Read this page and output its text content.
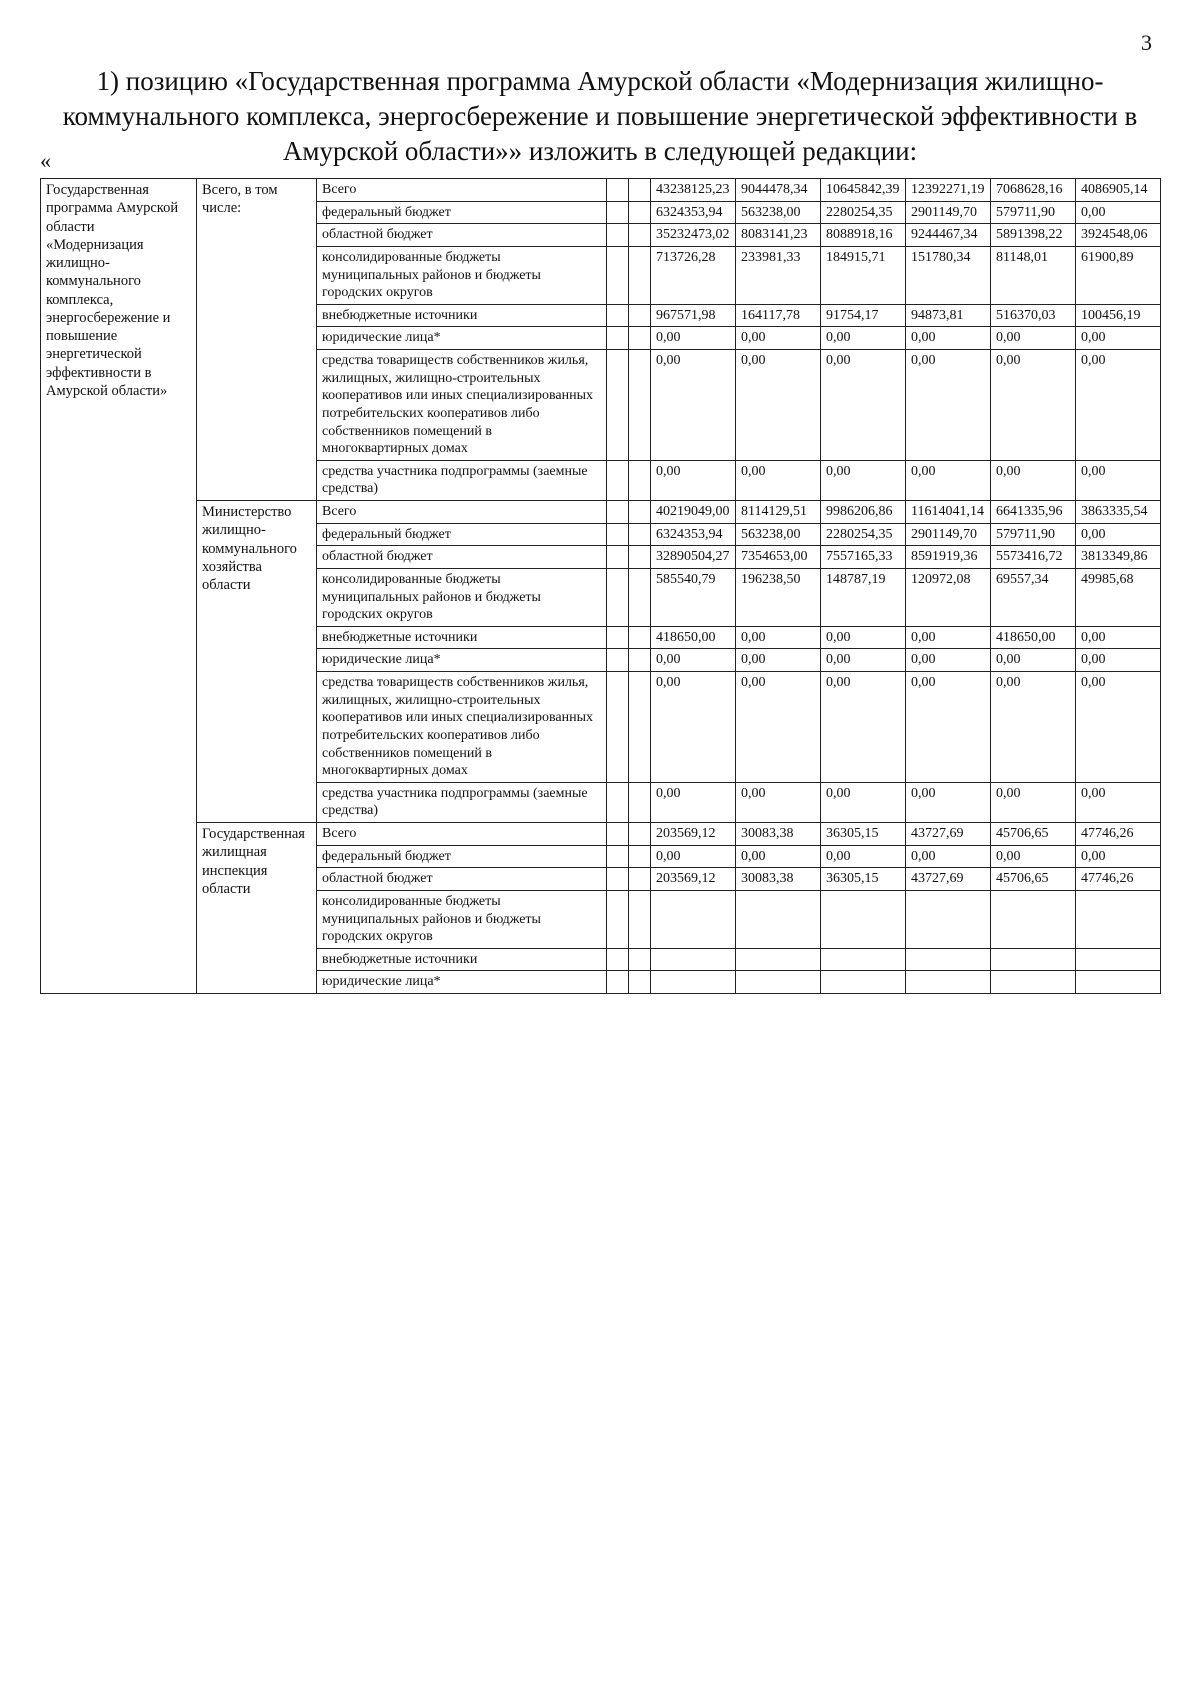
3
1) позицию «Государственная программа Амурской области «Модернизация жилищно-коммунального комплекса, энергосбережение и повышение энергетической эффективности в Амурской области»» изложить в следующей редакции:
«
Государственная программа Амурской области «Модернизация жилищно-коммунального комплекса, энергосбережение и повышение энергетической эффективности в Амурской области»	Всего, в том числе:	Всего			43238125,23	9044478,34	10645842,39	12392271,19	7068628,16	4086905,14
		федеральный бюджет			6324353,94	563238,00	2280254,35	2901149,70	579711,90	0,00
		областной бюджет			35232473,02	8083141,23	8088918,16	9244467,34	5891398,22	3924548,06
		консолидированные бюджеты муниципальных районов и бюджеты городских округов			713726,28	233981,33	184915,71	151780,34	81148,01	61900,89
		внебюджетные источники			967571,98	164117,78	91754,17	94873,81	516370,03	100456,19
		юридические лица*			0,00	0,00	0,00	0,00	0,00	0,00
		средства товариществ собственников жилья, жилищных, жилищно-строительных кооперативов или иных специализированных потребительских кооперативов либо собственников помещений в многоквартирных домах			0,00	0,00	0,00	0,00	0,00	0,00
		средства участника подпрограммы (заемные средства)			0,00	0,00	0,00	0,00	0,00	0,00
	Министерство жилищно-коммунального хозяйства области	Всего			40219049,00	8114129,51	9986206,86	11614041,14	6641335,96	3863335,54
		федеральный бюджет			6324353,94	563238,00	2280254,35	2901149,70	579711,90	0,00
		областной бюджет			32890504,27	7354653,00	7557165,33	8591919,36	5573416,72	3813349,86
		консолидированные бюджеты муниципальных районов и бюджеты городских округов			585540,79	196238,50	148787,19	120972,08	69557,34	49985,68
		внебюджетные источники			418650,00	0,00	0,00	0,00	418650,00	0,00
		юридические лица*			0,00	0,00	0,00	0,00	0,00	0,00
		средства товариществ собственников жилья, жилищных, жилищно-строительных кооперативов или иных специализированных потребительских кооперативов либо собственников помещений в многоквартирных домах			0,00	0,00	0,00	0,00	0,00	0,00
		средства участника подпрограммы (заемные средства)			0,00	0,00	0,00	0,00	0,00	0,00
	Государственная жилищная инспекция области	Всего			203569,12	30083,38	36305,15	43727,69	45706,65	47746,26
		федеральный бюджет			0,00	0,00	0,00	0,00	0,00	0,00
		областной бюджет			203569,12	30083,38	36305,15	43727,69	45706,65	47746,26
		консолидированные бюджеты муниципальных районов и бюджеты городских округов								
		внебюджетные источники								
		юридические лица*								
